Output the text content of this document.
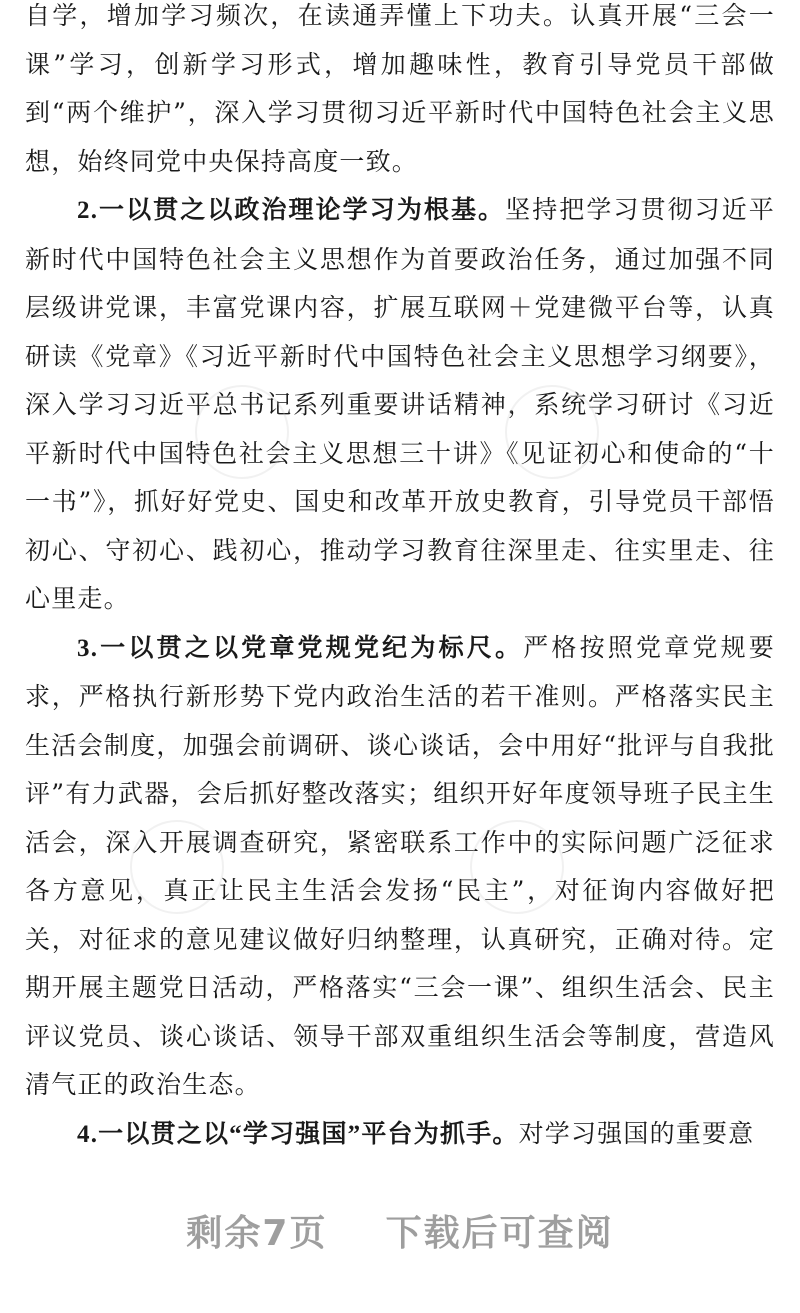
自学，增加学习频次，在读通弄懂上下功夫。认真开展“三会一课”学习，创新学习形式，增加趣味性，教育引导党员干部做到“两个维护”，深入学习贯彻习近平新时代中国特色社会主义思想，始终同党中央保持高度一致。

2.一以贯之以政治理论学习为根基。坚持把学习贯彻习近平新时代中国特色社会主义思想作为首要政治任务，通过加强不同层级讲党课，丰富党课内容，扩展互联网＋党建微平台等，认真研读《党章》《习近平新时代中国特色社会主义思想学习纲要》，深入学习习近平总书记系列重要讲话精神，系统学习研讨《习近平新时代中国特色社会主义思想三十讲》《见证初心和使命的“十一书”》，抓好好党史、国史和改革开放史教育，引导党员干部悟初心、守初心、践初心，推动学习教育往深里走、往实里走、往心里走。

3.一以贯之以党章党规党纪为标尺。严格按照党章党规要求，严格执行新形势下党内政治生活的若干准则。严格落实民主生活会制度，加强会前调研、谈心谈话，会中用好“批评与自我批评”有力武器，会后抓好整改落实；组织开好年度领导班子民主生活会，深入开展调查研究，紧密联系工作中的实际问题广泛征求各方意见，真正让民主生活会发扬“民主”，对征询内容做好把关，对征求的意见建议做好归纳整理，认真研究，正确对待。定期开展主题党日活动，严格落实“三会一课”、组织生活会、民主评议党员、谈心谈话、领导干部双重组织生活会等制度，营造风清气正的政治生态。

4.一以贯之以“学习强国”平台为抓手。对学习强国的重要意

剩余7页 下载后可查阅
